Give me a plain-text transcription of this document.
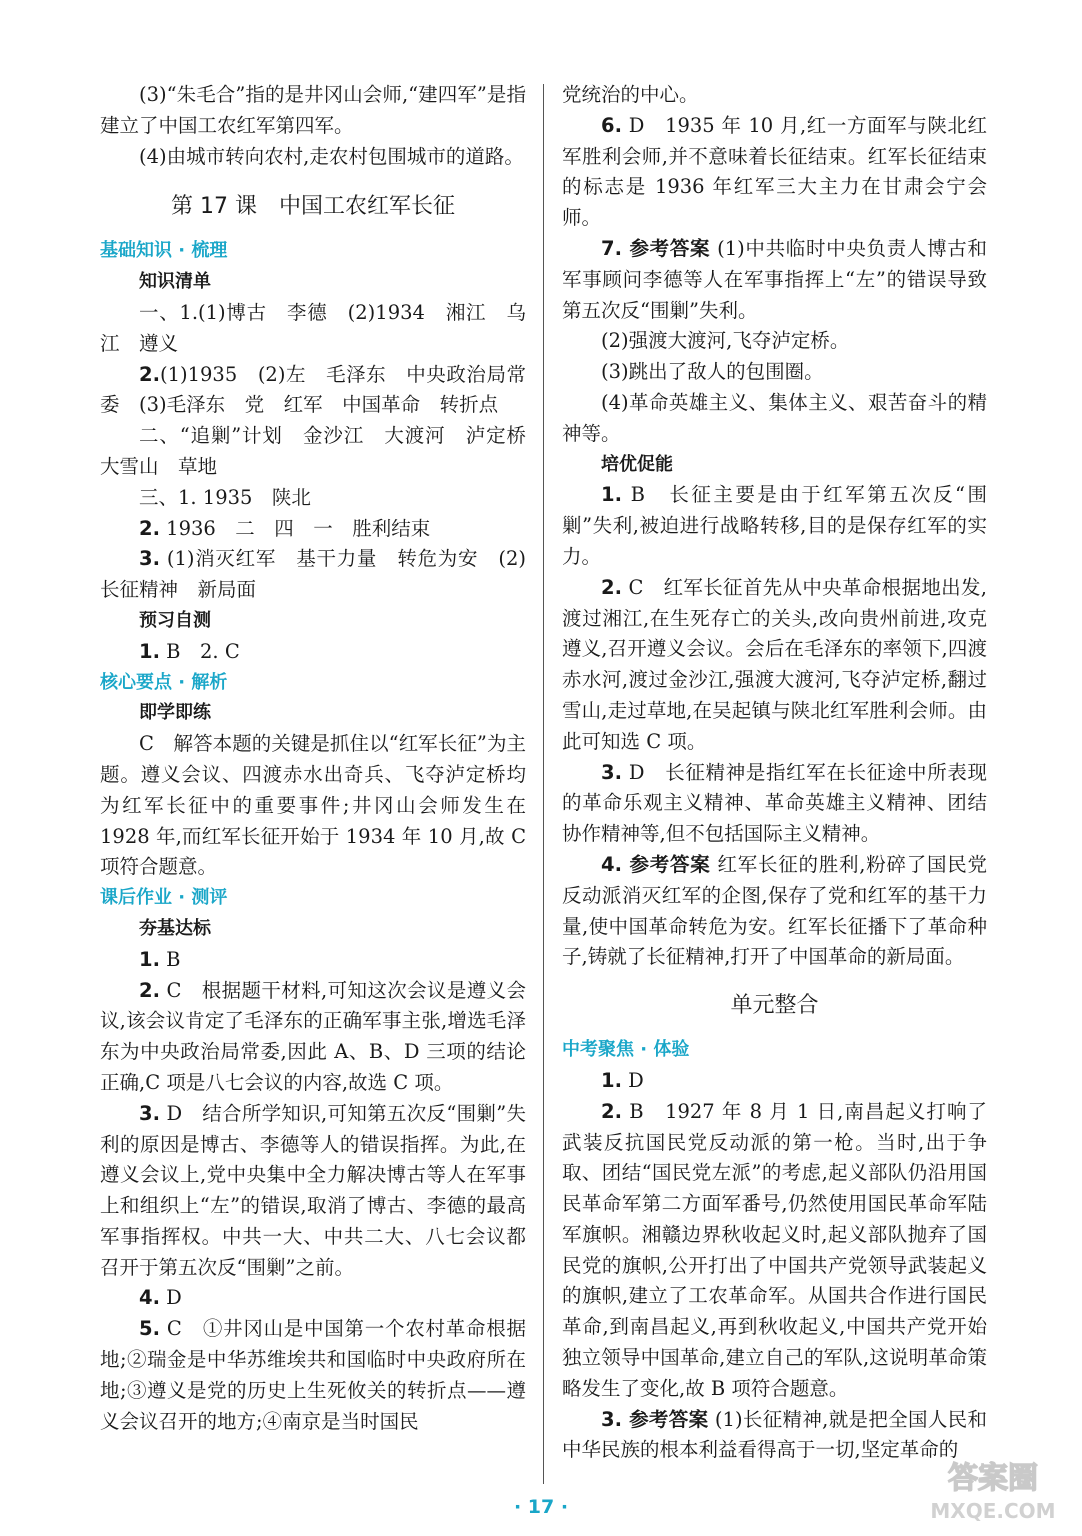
(3)“朱毛合”指的是井冈山会师,“建四军”是指建立了中国工农红军第四军。

(4)由城市转向农村,走农村包围城市的道路。

第 17 课　中国工农红军长征
基础知识 · 梳理
知识清单

一、1.(1)博古　李德　(2)1934　湘江　乌江　遵义

2.(1)1935　(2)左　毛泽东　中央政治局常委　(3)毛泽东　党　红军　中国革命　转折点

二、“追剿”计划　金沙江　大渡河　泸定桥　大雪山　草地

三、1. 1935　陕北

2. 1936　二　四　一　胜利结束

3. (1)消灭红军　基干力量　转危为安　(2)长征精神　新局面

预习自测

1. B　2. C

核心要点 · 解析
即学即练

C　解答本题的关键是抓住以“红军长征”为主题。遵义会议、四渡赤水出奇兵、飞夺泸定桥均为红军长征中的重要事件;井冈山会师发生在1928 年,而红军长征开始于 1934 年 10 月,故 C 项符合题意。

课后作业 · 测评
夯基达标

1. B

2. C　根据题干材料,可知这次会议是遵义会议,该会议肯定了毛泽东的正确军事主张,增选毛泽东为中央政治局常委,因此 A、B、D 三项的结论正确,C 项是八七会议的内容,故选 C 项。

3. D　结合所学知识,可知第五次反“围剿”失利的原因是博古、李德等人的错误指挥。为此,在遵义会议上,党中央集中全力解决博古等人在军事上和组织上“左”的错误,取消了博古、李德的最高军事指挥权。中共一大、中共二大、八七会议都召开于第五次反“围剿”之前。

4. D

5. C　①井冈山是中国第一个农村革命根据地;②瑞金是中华苏维埃共和国临时中央政府所在地;③遵义是党的历史上生死攸关的转折点——遵义会议召开的地方;④南京是当时国民

党统治的中心。

6. D　1935 年 10 月,红一方面军与陕北红军胜利会师,并不意味着长征结束。红军长征结束的标志是 1936 年红军三大主力在甘肃会宁会师。

7. 参考答案 (1)中共临时中央负责人博古和军事顾问李德等人在军事指挥上“左”的错误导致第五次反“围剿”失利。

(2)强渡大渡河,飞夺泸定桥。

(3)跳出了敌人的包围圈。

(4)革命英雄主义、集体主义、艰苦奋斗的精神等。

培优促能

1. B　长征主要是由于红军第五次反“围剿”失利,被迫进行战略转移,目的是保存红军的实力。

2. C　红军长征首先从中央革命根据地出发,渡过湘江,在生死存亡的关头,改向贵州前进,攻克遵义,召开遵义会议。会后在毛泽东的率领下,四渡赤水河,渡过金沙江,强渡大渡河,飞夺泸定桥,翻过雪山,走过草地,在吴起镇与陕北红军胜利会师。由此可知选 C 项。

3. D　长征精神是指红军在长征途中所表现的革命乐观主义精神、革命英雄主义精神、团结协作精神等,但不包括国际主义精神。

4. 参考答案 红军长征的胜利,粉碎了国民党反动派消灭红军的企图,保存了党和红军的基干力量,使中国革命转危为安。红军长征播下了革命种子,铸就了长征精神,打开了中国革命的新局面。

单元整合
中考聚焦 · 体验

1. D

2. B　1927 年 8 月 1 日,南昌起义打响了武装反抗国民党反动派的第一枪。当时,出于争取、团结“国民党左派”的考虑,起义部队仍沿用国民革命军第二方面军番号,仍然使用国民革命军陆军旗帜。湘赣边界秋收起义时,起义部队抛弃了国民党的旗帜,公开打出了中国共产党领导武装起义的旗帜,建立了工农革命军。从国共合作进行国民革命,到南昌起义,再到秋收起义,中国共产党开始独立领导中国革命,建立自己的军队,这说明革命策略发生了变化,故 B 项符合题意。

3. 参考答案 (1)长征精神,就是把全国人民和中华民族的根本利益看得高于一切,坚定革命的

· 17 ·
答案圈
MXQE.COM
